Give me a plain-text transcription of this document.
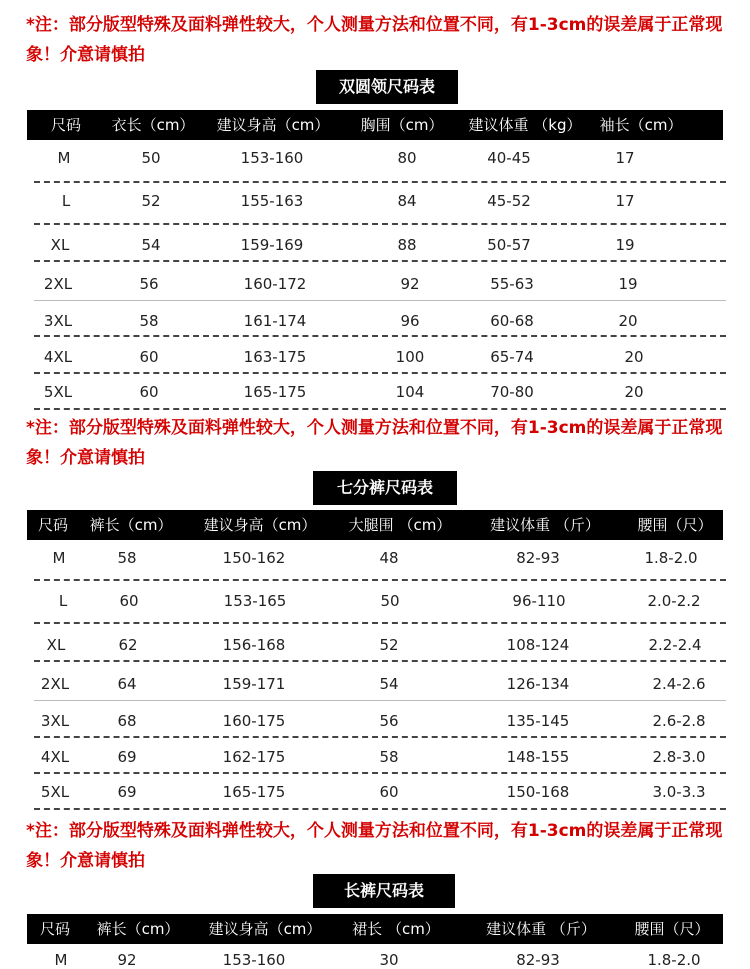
*注：部分版型特殊及面料弹性较大，个人测量方法和位置不同，有1-3cm的误差属于正常现象！介意请慎拍
双圆领尺码表
尺码 衣长（cm） 建议身高（cm） 胸围（cm） 建议体重 （kg） 袖长（cm）
M	50	153-160	80	40-45	17
L	52	155-163	84	45-52	17
XL	54	159-169	88	50-57	19
2XL	56	160-172	92	55-63	19
3XL	58	161-174	96	60-68	20
4XL	60	163-175	100	65-74	20
5XL	60	165-175	104	70-80	20
*注：部分版型特殊及面料弹性较大，个人测量方法和位置不同，有1-3cm的误差属于正常现象！介意请慎拍
七分裤尺码表
尺码 裤长（cm） 建议身高（cm） 大腿围 （cm）	建议体重 （斤）	腰围（尺）
M	58	150-162	48	82-93	1.8-2.0
L	60	153-165	50	96-110	2.0-2.2
XL	62	156-168	52	108-124	2.2-2.4
2XL	64	159-171	54	126-134	2.4-2.6
3XL	68	160-175	56	135-145	2.6-2.8
4XL	69	162-175	58	148-155	2.8-3.0
5XL	69	165-175	60	150-168	3.0-3.3
*注：部分版型特殊及面料弹性较大，个人测量方法和位置不同，有1-3cm的误差属于正常现象！介意请慎拍
长裤尺码表
尺码 裤长（cm） 建议身高（cm） 裙长 （cm）	建议体重 （斤）	腰围（尺）
M	92	153-160	30	82-93	1.8-2.0
